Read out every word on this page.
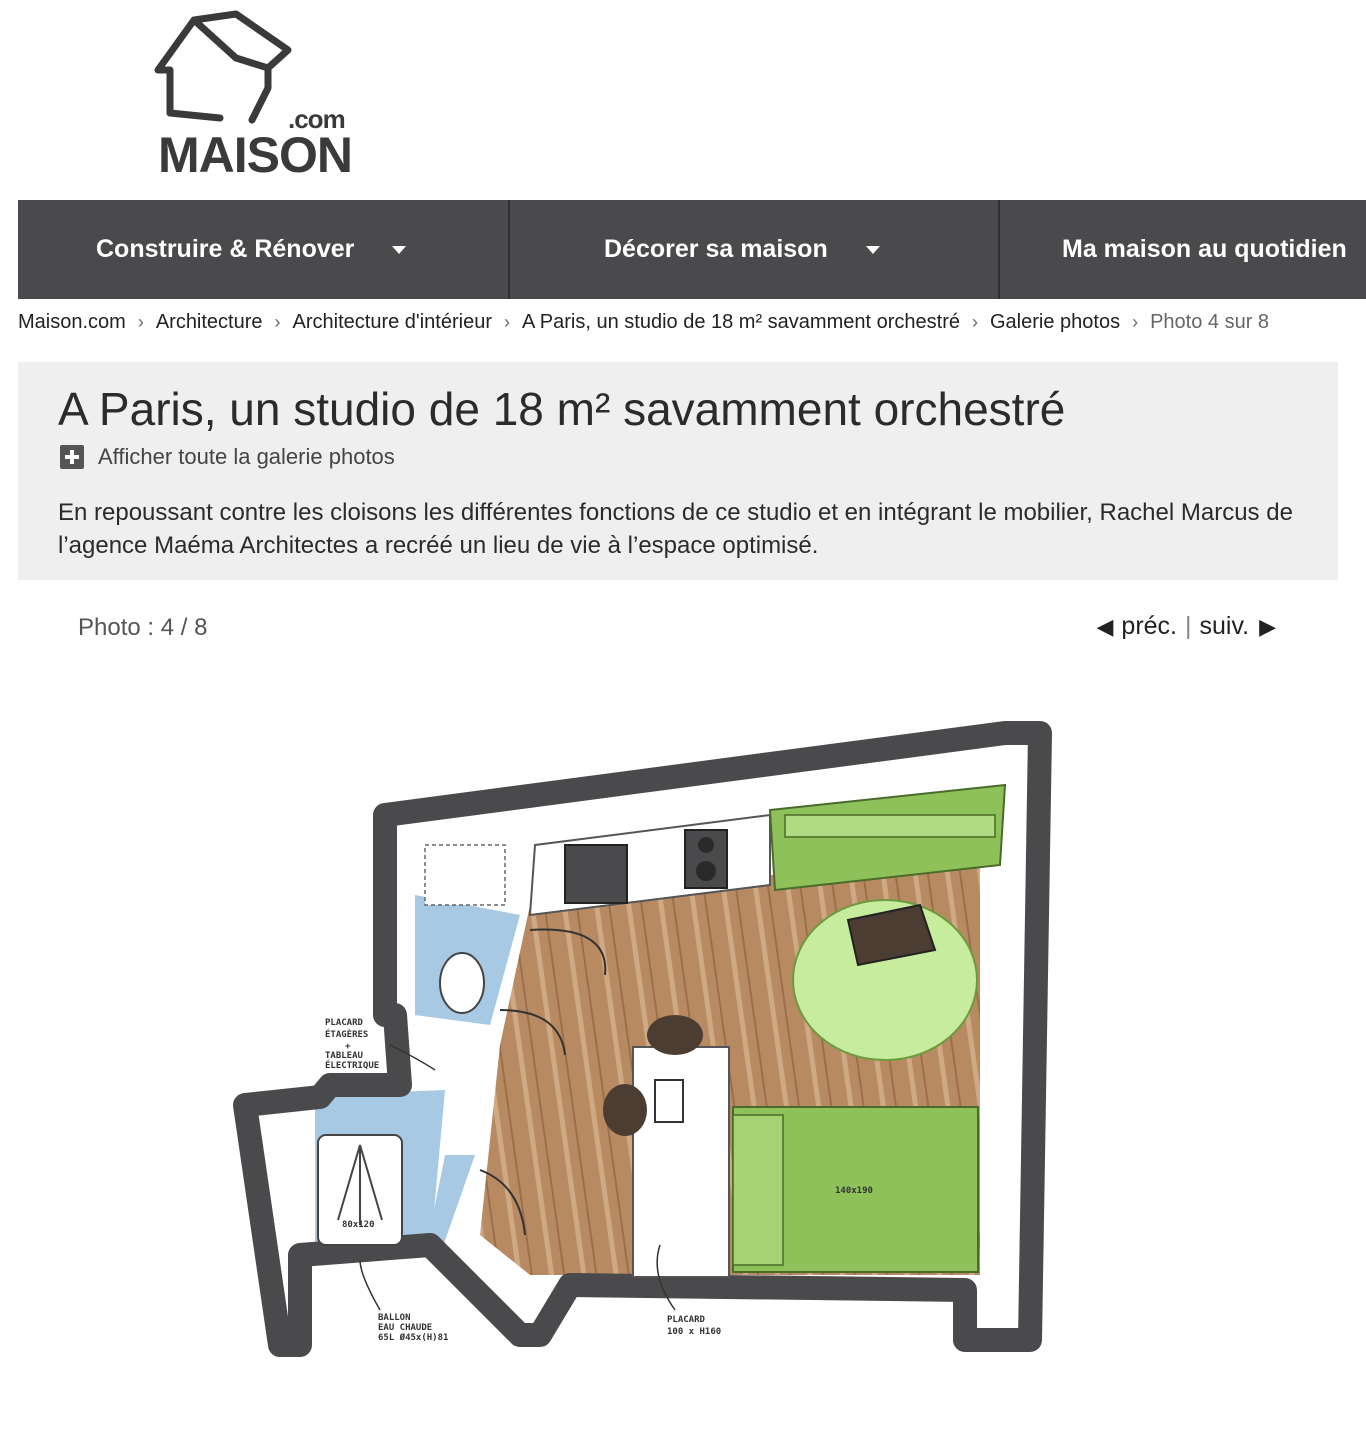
.com
MAISON
Construire & Rénover	Décorer sa maison	Ma maison au quotidien
Maison.com › Architecture › Architecture d'intérieur › A Paris, un studio de 18 m² savamment orchestré › Galerie photos › Photo 4 sur 8
A Paris, un studio de 18 m² savamment orchestré
Afficher toute la galerie photos

En repoussant contre les cloisons les différentes fonctions de ce studio et en intégrant le mobilier, Rachel Marcus de l’agence Maéma Architectes a recréé un lieu de vie à l’espace optimisé.

Photo : 4 / 8	◀ préc. | suiv. ▶
PLACARD
ÉTAGÈRES
+
TABLEAU
ÉLECTRIQUE
80x120
BALLON
EAU CHAUDE
65L Ø45x(H)81
140x190
PLACARD
100 x H160
